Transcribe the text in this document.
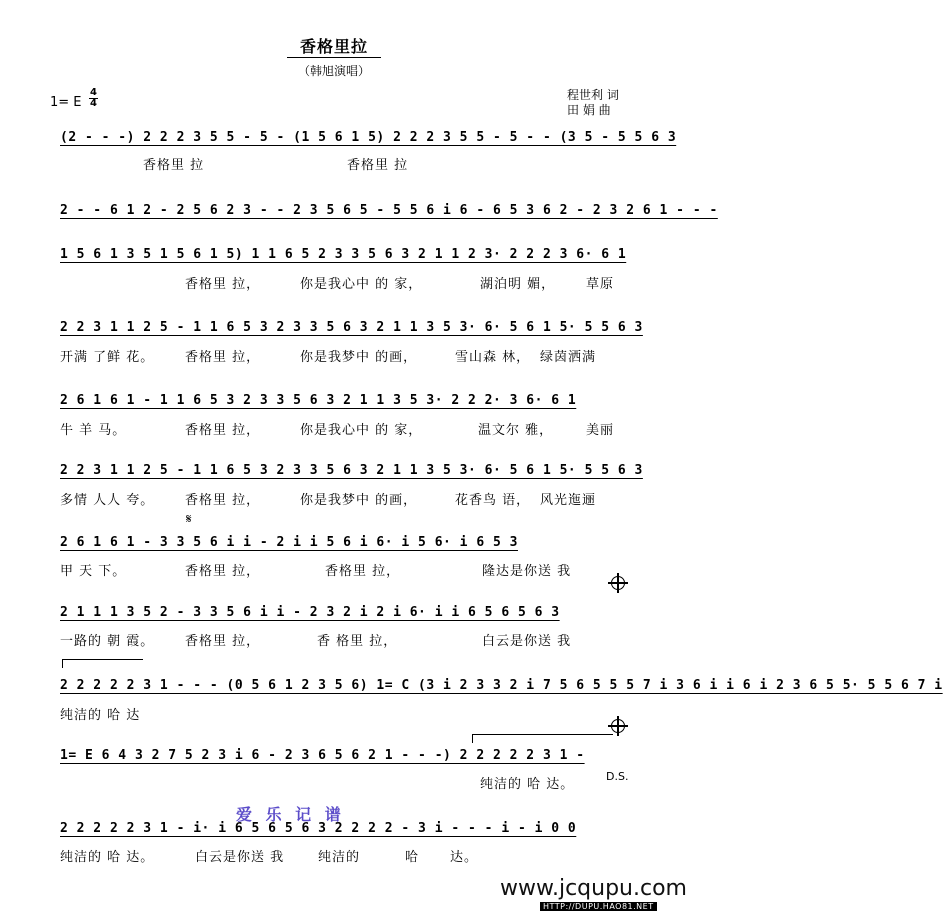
香格里拉
（韩旭演唱）
程世利 词
田 娟 曲
1= E
4
4
(2 - - -) 2 2 2 3 5 5 - 5 - (1 5 6 1 5) 2 2 2 3 5 5 - 5 - - (3 5 - 5 5 6 3
香格里 拉	香格里 拉
2 - - 6 1 2 - 2 5 6 2 3 - - 2 3 5 6 5 - 5 5 6 i 6 - 6 5 3 6 2 - 2 3 2 6 1 - - -
1 5 6 1 3 5 1 5 6 1 5) 1 1 6 5 2 3 3 5 6 3 2 1 1 2 3· 2 2 2 3 6· 6 1
香格里 拉，	你是我心中 的 家，	湖泊明 媚， 草原
2 2 3 1 1 2 5 - 1 1 6 5 3 2 3 3 5 6 3 2 1 1 3 5 3· 6· 5 6 1 5· 5 5 6 3
开满 了鲜 花。 香格里 拉，	你是我梦中 的画，	雪山森 林， 绿茵洒满
2 6 1 6 1 - 1 1 6 5 3 2 3 3 5 6 3 2 1 1 3 5 3· 2 2 2· 3 6· 6 1
牛 羊 马。	香格里 拉，	你是我心中 的 家，	温文尔 雅，	美丽
2 2 3 1 1 2 5 - 1 1 6 5 3 2 3 3 5 6 3 2 1 1 3 5 3· 6· 5 6 1 5· 5 5 6 3
多情 人人 夸。 香格里 拉，	你是我梦中 的画，	花香鸟 语， 风光迤逦
𝄋
2 6 1 6 1 - 3 3 5 6 i i - 2 i i 5 6 i 6· i 5 6· i 6 5 3
甲 天 下。	香格里 拉，	香格里 拉，	隆达是你送 我
2 1 1 1 3 5 2 - 3 3 5 6 i i - 2 3 2 i 2 i 6· i i 6 5 6 5 6 3
一路的 朝 霞。 香格里 拉，	香 格里 拉，	白云是你送 我
2 2 2 2 2 3 1 - - - (0 5 6 1 2 3 5 6) 1= C (3 i 2 3 3 2 i 7 5 6 5 5 5 7 i 3 6 i i 6 i 2 3 6 5 5· 5 5 6 7 i
纯洁的 哈 达
1= E 6 4 3 2 7 5 2 3 i 6 - 2 3 6 5 6 2 1 - - -) 2 2 2 2 2 3 1 -
纯洁的 哈 达。
D.S.
爱 乐 记 谱
2 2 2 2 2 3 1 - i· i 6 5 6 5 6 3 2 2 2 2 - 3 i - - - i - i 0 0
纯洁的 哈 达。	白云是你送 我	纯洁的	哈 达。
www.jcqupu.com
HTTP://DUPU.HAO81.NET
